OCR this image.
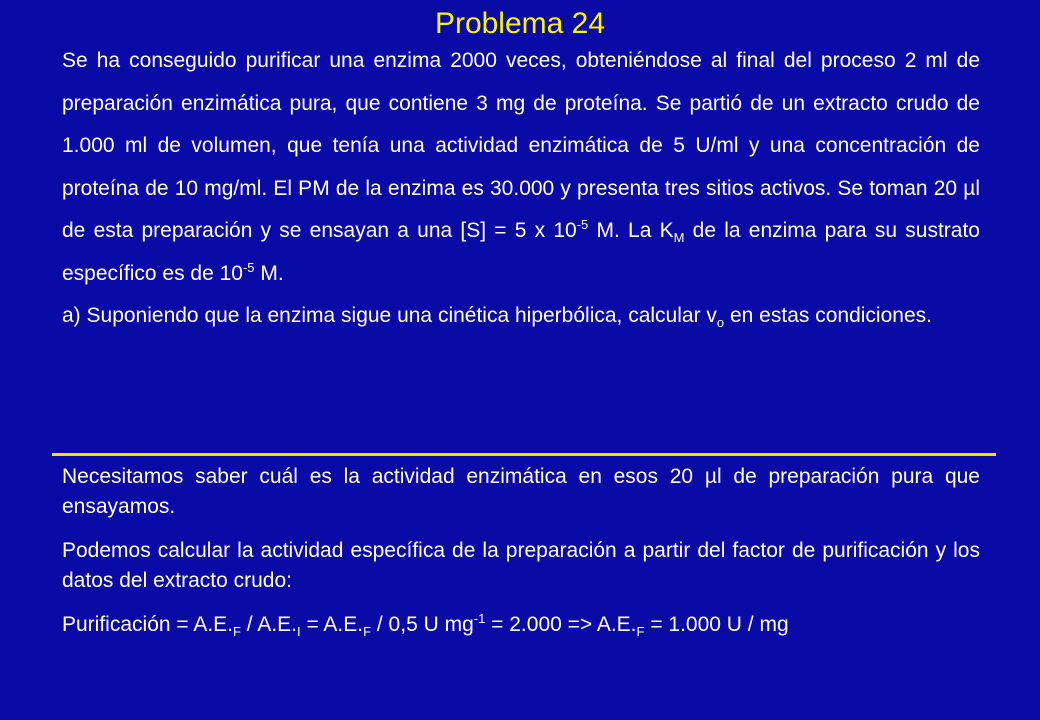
Problema 24

Se ha conseguido purificar una enzima 2000 veces, obteniéndose al final del proceso 2 ml de preparación enzimática pura, que contiene 3 mg de proteína. Se partió de un extracto crudo de 1.000 ml de volumen, que tenía una actividad enzimática de 5 U/ml y una concentración de proteína de 10 mg/ml. El PM de la enzima es 30.000 y presenta tres sitios activos. Se toman 20 µl de esta preparación y se ensayan a una [S] = 5 x $10^{-5}$ M. La $K_M$ de la enzima para su sustrato específico es de $10^{-5}$ M.

a) Suponiendo que la enzima sigue una cinética hiperbólica, calcular $v_o$ en estas condiciones.

Necesitamos saber cuál es la actividad enzimática en esos 20 µl de preparación pura que ensayamos.

Podemos calcular la actividad específica de la preparación a partir del factor de purificación y los datos del extracto crudo:

Purificación = $A.E._F / A.E._I = A.E._F / 0,5$ U $mg^{-1} = 2.000 => A.E._F = 1.000$ U / mg
